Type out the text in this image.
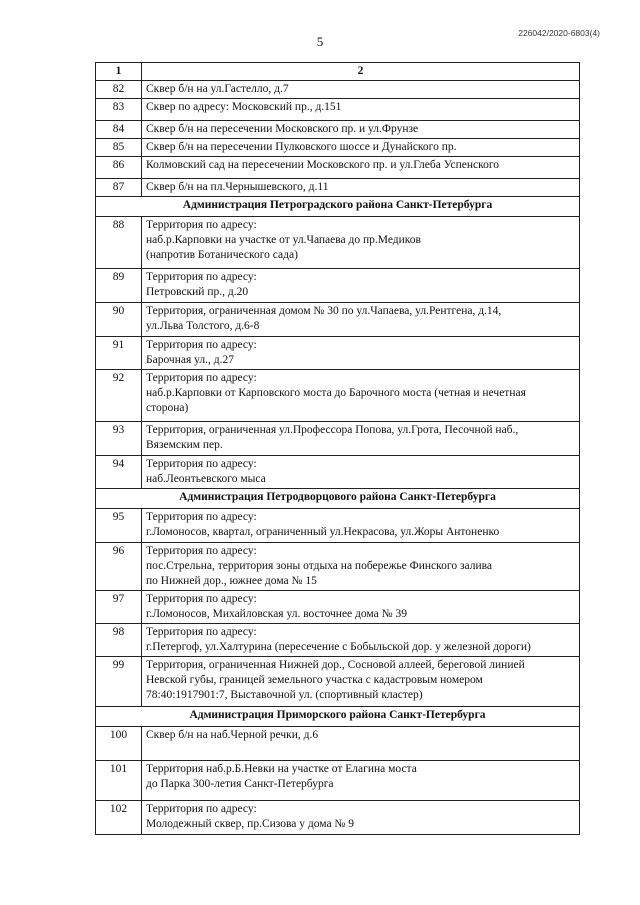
226042/2020-6803(4)
5
1	2
82	Сквер б/н на ул.Гастелло, д.7

83	Сквер по адресу: Московский пр., д.151

84	Сквер б/н на пересечении Московского пр. и ул.Фрунзе

85	Сквер б/н на пересечении Пулковского шоссе и Дунайского пр.

86	Колмовский сад на пересечении Московского пр. и ул.Глеба Успенского

87	Сквер б/н на пл.Чернышевского, д.11

Администрация Петроградского района Санкт-Петербурга	
88	Территория по адресу:
наб.р.Карповки на участке от ул.Чапаева до пр.Медиков
(напротив Ботанического сада)

89	Территория по адресу:
Петровский пр., д.20

90	Территория, ограниченная домом № 30 по ул.Чапаева, ул.Рентгена, д.14,
ул.Льва Толстого, д.6-8

91	Территория по адресу:
Барочная ул., д.27

92	Территория по адресу:
наб.р.Карповки от Карповского моста до Барочного моста (четная и нечетная
сторона)

93	Территория, ограниченная ул.Профессора Попова, ул.Грота, Песочной наб.,
Вяземским пер.

94	Территория по адресу:
наб.Леонтьевского мыса

Администрация Петродворцового района Санкт-Петербурга	
95	Территория по адресу:
г.Ломоносов, квартал, ограниченный ул.Некрасова, ул.Жоры Антоненко

96	Территория по адресу:
пос.Стрельна, территория зоны отдыха на побережье Финского залива
по Нижней дор., южнее дома № 15

97	Территория по адресу:
г.Ломоносов, Михайловская ул. восточнее дома № 39

98	Территория по адресу:
г.Петергоф, ул.Халтурина (пересечение с Бобыльской дор. у железной дороги)

99	Территория, ограниченная Нижней дор., Сосновой аллеей, береговой линией
Невской губы, границей земельного участка с кадастровым номером
78:40:1917901:7, Выставочной ул. (спортивный кластер)

Администрация Приморского района Санкт-Петербурга	
100	Сквер б/н на наб.Черной речки, д.6

101	Территория наб.р.Б.Невки на участке от Елагина моста
до Парка 300-летия Санкт-Петербурга

102	Территория по адресу:
Молодежный сквер, пр.Сизова у дома № 9
